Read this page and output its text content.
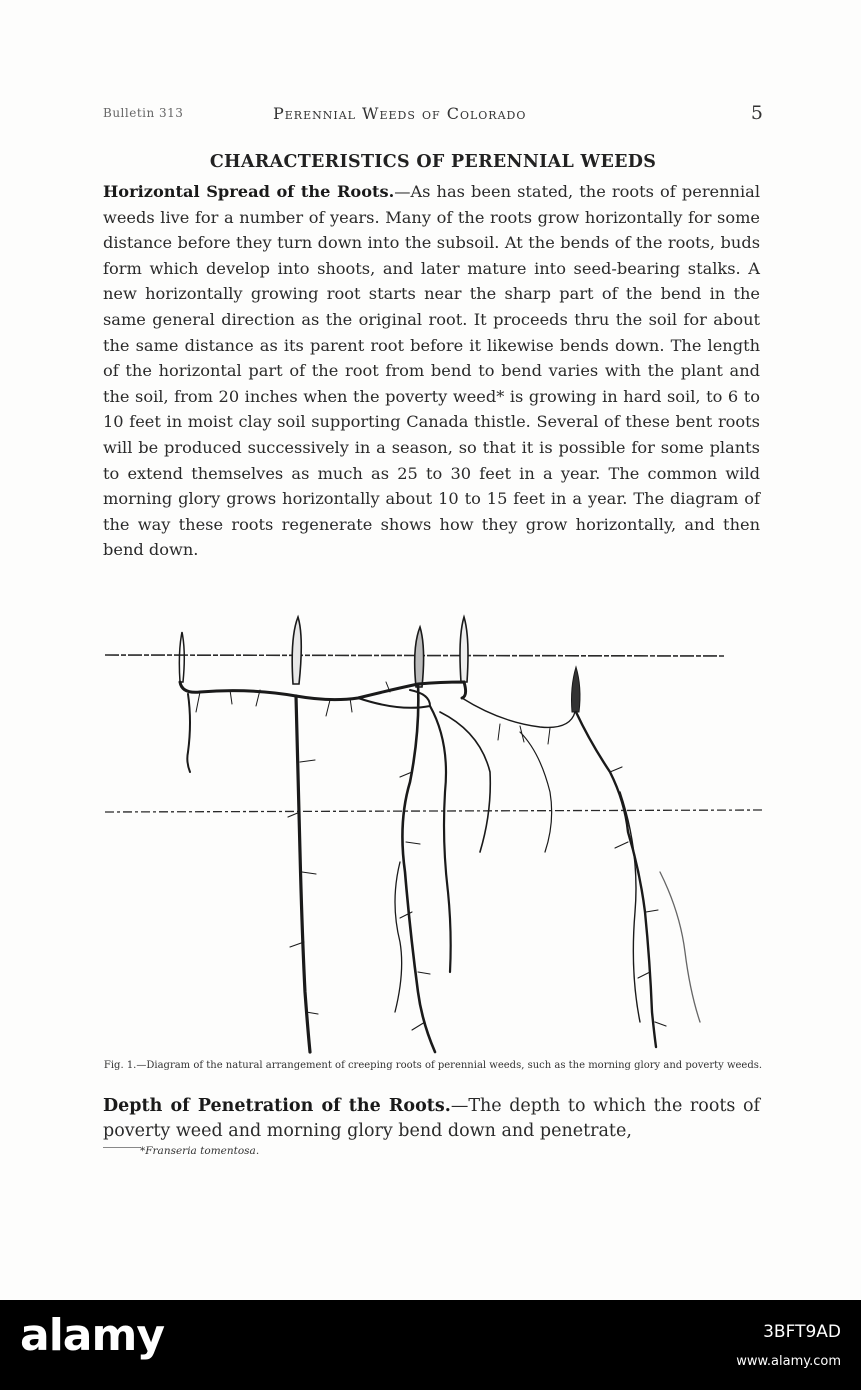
Bulletin 313	Perennial Weeds of Colorado	5
CHARACTERISTICS OF PERENNIAL WEEDS
Horizontal Spread of the Roots.—As has been stated, the roots of perennial weeds live for a number of years. Many of the roots grow horizontally for some distance before they turn down into the subsoil. At the bends of the roots, buds form which develop into shoots, and later mature into seed-bearing stalks. A new horizontally growing root starts near the sharp part of the bend in the same general direction as the original root. It proceeds thru the soil for about the same distance as its parent root before it likewise bends down. The length of the horizontal part of the root from bend to bend varies with the plant and the soil, from 20 inches when the poverty weed* is growing in hard soil, to 6 to 10 feet in moist clay soil supporting Canada thistle. Several of these bent roots will be produced successively in a season, so that it is possible for some plants to extend themselves as much as 25 to 30 feet in a year. The common wild morning glory grows horizontally about 10 to 15 feet in a year. The diagram of the way these roots regenerate shows how they grow horizontally, and then bend down.
Fig. 1.—Diagram of the natural arrangement of creeping roots of perennial weeds, such as the morning glory and poverty weeds.
Depth of Penetration of the Roots.—The depth to which the roots of poverty weed and morning glory bend down and penetrate,
*Franseria tomentosa.
alamy	3BFT9AD
www.alamy.com
